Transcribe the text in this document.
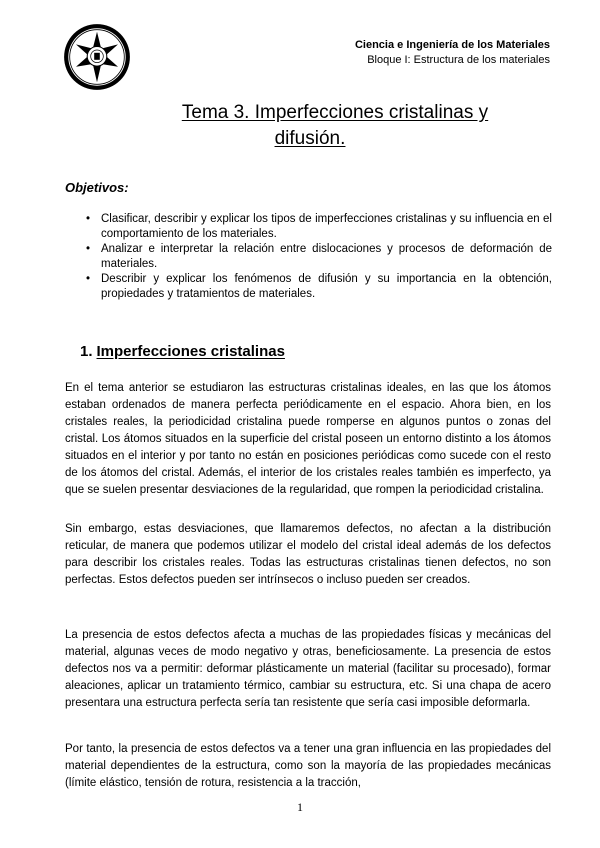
Ciencia e Ingeniería de los Materiales
Bloque I: Estructura de los materiales
Tema 3. Imperfecciones cristalinas y
difusión.
Objetivos:
• Clasificar, describir y explicar los tipos de imperfecciones cristalinas y su influencia en el comportamiento de los materiales.
• Analizar e interpretar la relación entre dislocaciones y procesos de deformación de materiales.
• Describir y explicar los fenómenos de difusión y su importancia en la obtención, propiedades y tratamientos de materiales.
1. Imperfecciones cristalinas

En el tema anterior se estudiaron las estructuras cristalinas ideales, en las que los átomos estaban ordenados de manera perfecta periódicamente en el espacio. Ahora bien, en los cristales reales, la periodicidad cristalina puede romperse en algunos puntos o zonas del cristal. Los átomos situados en la superficie del cristal poseen un entorno distinto a los átomos situados en el interior y por tanto no están en posiciones periódicas como sucede con el resto de los átomos del cristal. Además, el interior de los cristales reales también es imperfecto, ya que se suelen presentar desviaciones de la regularidad, que rompen la periodicidad cristalina.

Sin embargo, estas desviaciones, que llamaremos defectos, no afectan a la distribución reticular, de manera que podemos utilizar el modelo del cristal ideal además de los defectos para describir los cristales reales. Todas las estructuras cristalinas tienen defectos, no son perfectas. Estos defectos pueden ser intrínsecos o incluso pueden ser creados.

La presencia de estos defectos afecta a muchas de las propiedades físicas y mecánicas del material, algunas veces de modo negativo y otras, beneficiosamente. La presencia de estos defectos nos va a permitir: deformar plásticamente un material (facilitar su procesado), formar aleaciones, aplicar un tratamiento térmico, cambiar su estructura, etc. Si una chapa de acero presentara una estructura perfecta sería tan resistente que sería casi imposible deformarla.

Por tanto, la presencia de estos defectos va a tener una gran influencia en las propiedades del material dependientes de la estructura, como son la mayoría de las propiedades mecánicas (límite elástico, tensión de rotura, resistencia a la tracción,

1
